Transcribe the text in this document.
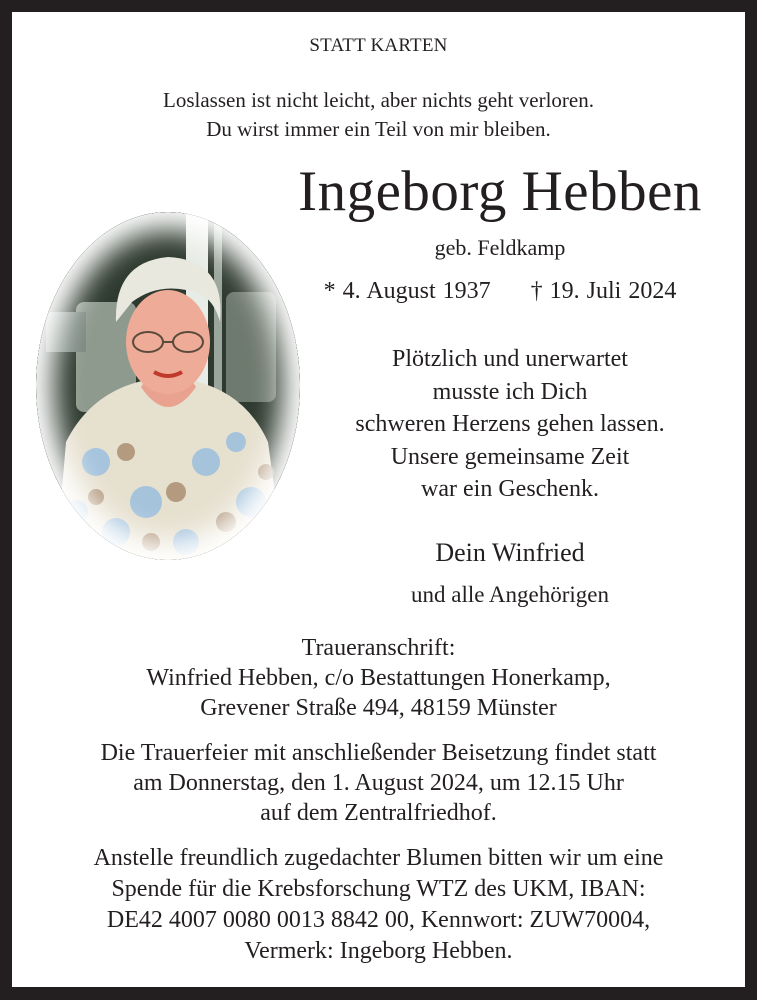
STATT KARTEN
Loslassen ist nicht leicht, aber nichts geht verloren.
Du wirst immer ein Teil von mir bleiben.
Ingeborg Hebben
geb. Feldkamp
* 4. August 1937 † 19. Juli 2024
Plötzlich und unerwartet
musste ich Dich
schweren Herzens gehen lassen.
Unsere gemeinsame Zeit
war ein Geschenk.
Dein Winfried
und alle Angehörigen
Traueranschrift:
Winfried Hebben, c/o Bestattungen Honerkamp,
Grevener Straße 494, 48159 Münster
Die Trauerfeier mit anschließender Beisetzung findet statt
am Donnerstag, den 1. August 2024, um 12.15 Uhr
auf dem Zentralfriedhof.
Anstelle freundlich zugedachter Blumen bitten wir um eine
Spende für die Krebsforschung WTZ des UKM, IBAN:
DE42 4007 0080 0013 8842 00, Kennwort: ZUW70004,
Vermerk: Ingeborg Hebben.
